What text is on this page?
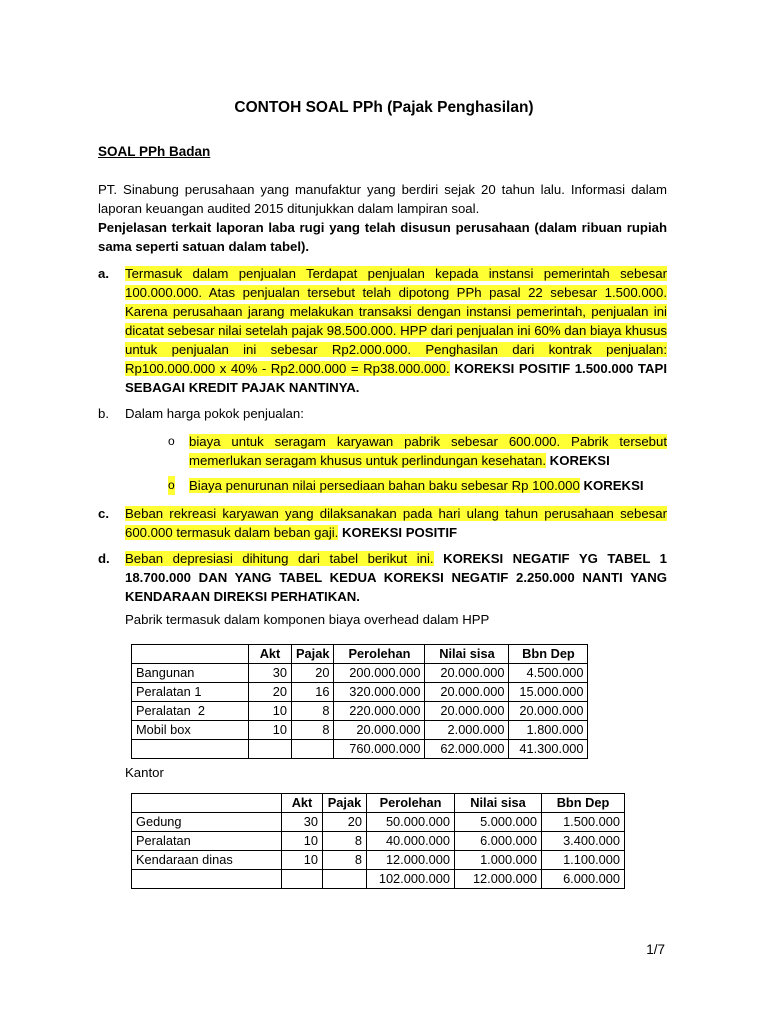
CONTOH SOAL PPh (Pajak Penghasilan)
SOAL PPh Badan
PT. Sinabung perusahaan yang manufaktur yang berdiri sejak 20 tahun lalu. Informasi dalam laporan keuangan audited 2015 ditunjukkan dalam lampiran soal.
Penjelasan terkait laporan laba rugi yang telah disusun perusahaan (dalam ribuan rupiah sama seperti satuan dalam tabel).
a. Termasuk dalam penjualan Terdapat penjualan kepada instansi pemerintah sebesar 100.000.000. Atas penjualan tersebut telah dipotong PPh pasal 22 sebesar 1.500.000. Karena perusahaan jarang melakukan transaksi dengan instansi pemerintah, penjualan ini dicatat sebesar nilai setelah pajak 98.500.000. HPP dari penjualan ini 60% dan biaya khusus untuk penjualan ini sebesar Rp2.000.000. Penghasilan dari kontrak penjualan: Rp100.000.000 x 40% - Rp2.000.000 = Rp38.000.000. KOREKSI POSITIF 1.500.000 TAPI SEBAGAI KREDIT PAJAK NANTINYA.
b. Dalam harga pokok penjualan:
o biaya untuk seragam karyawan pabrik sebesar 600.000. Pabrik tersebut memerlukan seragam khusus untuk perlindungan kesehatan. KOREKSI
o Biaya penurunan nilai persediaan bahan baku sebesar Rp 100.000 KOREKSI
c. Beban rekreasi karyawan yang dilaksanakan pada hari ulang tahun perusahaan sebesar 600.000 termasuk dalam beban gaji. KOREKSI POSITIF
d. Beban depresiasi dihitung dari tabel berikut ini. KOREKSI NEGATIF YG TABEL 1 18.700.000 DAN YANG TABEL KEDUA KOREKSI NEGATIF 2.250.000 NANTI YANG KENDARAAN DIREKSI PERHATIKAN.
Pabrik termasuk dalam komponen biaya overhead dalam HPP
	Akt	Pajak	Perolehan	Nilai sisa	Bbn Dep
Bangunan	30	20	200.000.000	20.000.000	4.500.000
Peralatan 1	20	16	320.000.000	20.000.000	15.000.000
Peralatan  2	10	8	220.000.000	20.000.000	20.000.000
Mobil box	10	8	20.000.000	2.000.000	1.800.000
			760.000.000	62.000.000	41.300.000
Kantor
	Akt	Pajak	Perolehan	Nilai sisa	Bbn Dep
Gedung	30	20	50.000.000	5.000.000	1.500.000
Peralatan	10	8	40.000.000	6.000.000	3.400.000
Kendaraan dinas	10	8	12.000.000	1.000.000	1.100.000
			102.000.000	12.000.000	6.000.000
1/7
